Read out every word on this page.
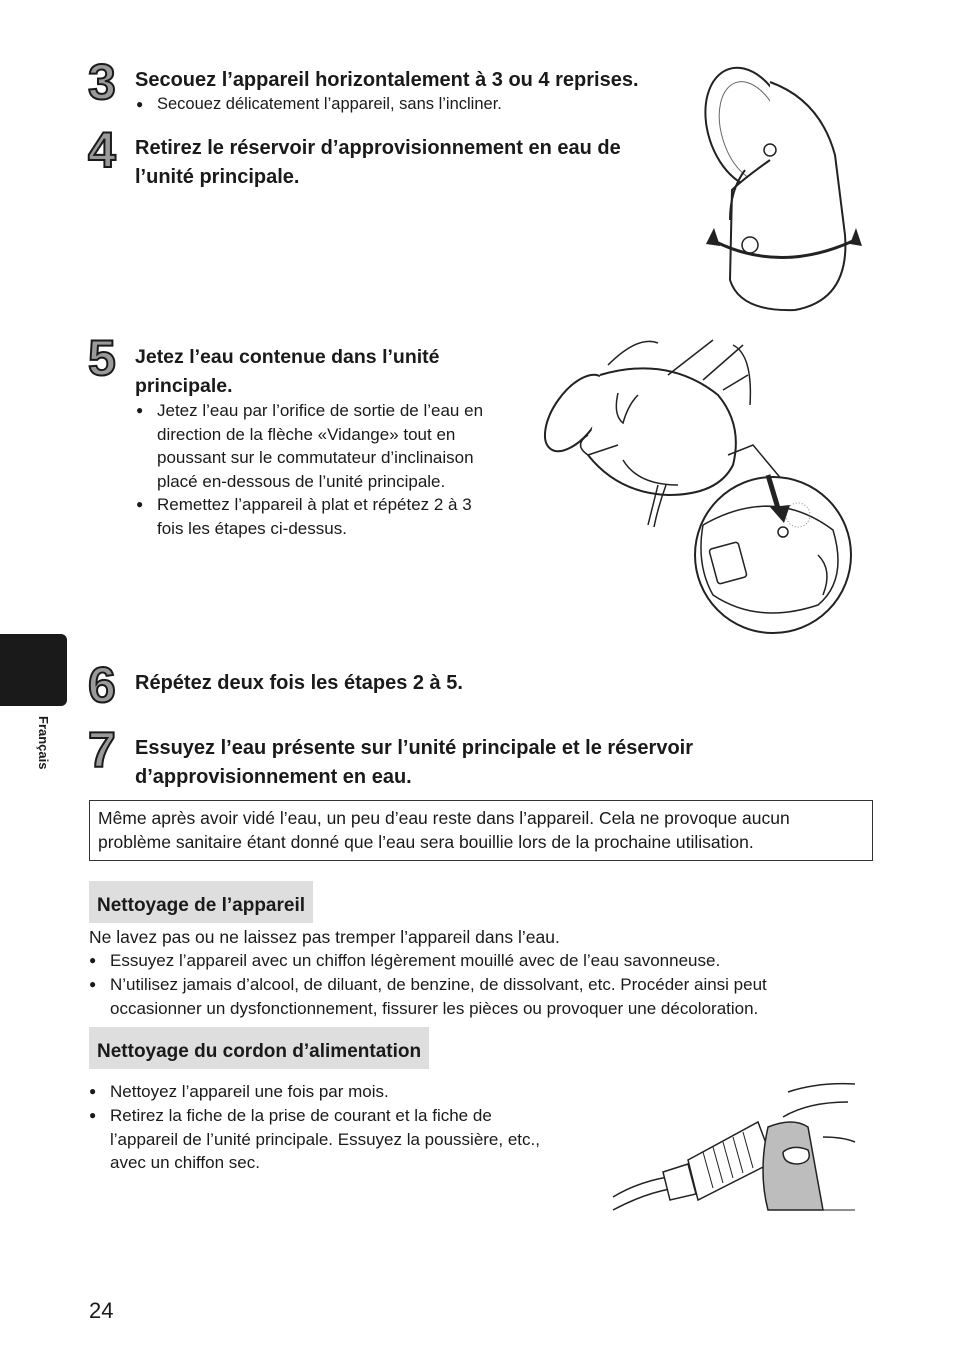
3 Secouez l’appareil horizontalement à 3 ou 4 reprises.
● Secouez délicatement l’appareil, sans l’incliner.
4 Retirez le réservoir d’approvisionnement en eau de
l’unité principale.
5 Jetez l’eau contenue dans l’unité
principale.
● Jetez l’eau par l’orifice de sortie de l’eau en
direction de la flèche «Vidange» tout en
poussant sur le commutateur d’inclinaison
placé en-dessous de l’unité principale.
● Remettez l’appareil à plat et répétez 2 à 3
fois les étapes ci-dessus.
6 Répétez deux fois les étapes 2 à 5.
7 Essuyez l’eau présente sur l’unité principale et le réservoir
d’approvisionnement en eau.
Même après avoir vidé l’eau, un peu d’eau reste dans l’appareil. Cela ne provoque aucun
problème sanitaire étant donné que l’eau sera bouillie lors de la prochaine utilisation.
Français
Nettoyage de l’appareil
Ne lavez pas ou ne laissez pas tremper l’appareil dans l’eau.
● Essuyez l’appareil avec un chiffon légèrement mouillé avec de l’eau savonneuse.
● N’utilisez jamais d’alcool, de diluant, de benzine, de dissolvant, etc. Procéder ainsi peut
occasionner un dysfonctionnement, fissurer les pièces ou provoquer une décoloration.
Nettoyage du cordon d’alimentation
● Nettoyez l’appareil une fois par mois.
● Retirez la fiche de la prise de courant et la fiche de
l’appareil de l’unité principale. Essuyez la poussière, etc.,
avec un chiffon sec.
24
